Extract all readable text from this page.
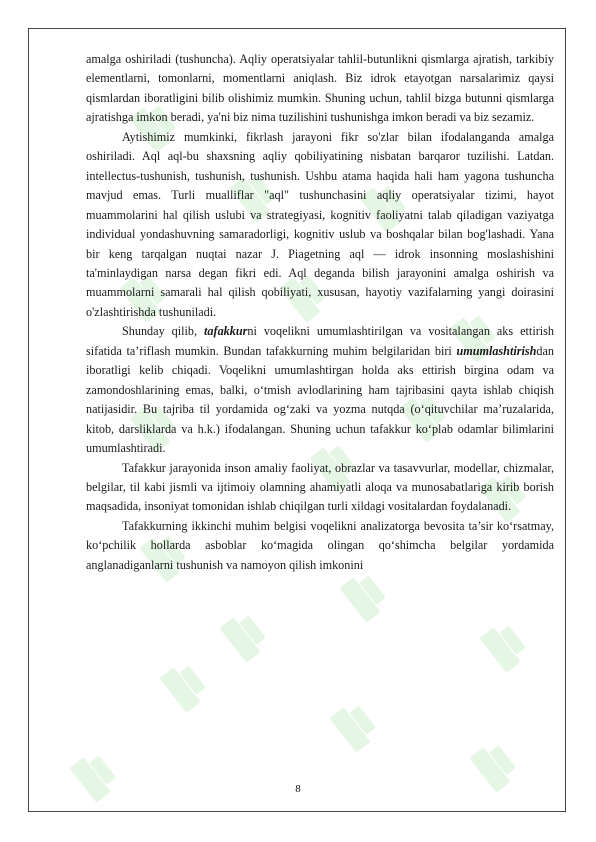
amalga oshiriladi (tushuncha). Aqliy operatsiyalar tahlil-butunlikni qismlarga ajratish, tarkibiy elementlarni, tomonlarni, momentlarni aniqlash. Biz idrok etayotgan narsalarimiz qaysi qismlardan iboratligini bilib olishimiz mumkin. Shuning uchun, tahlil bizga butunni qismlarga ajratishga imkon beradi, ya'ni biz nima tuzilishini tushunishga imkon beradi va biz sezamiz.

Aytishimiz mumkinki, fikrlash jarayoni fikr so'zlar bilan ifodalanganda amalga oshiriladi. Aql aql-bu shaxsning aqliy qobiliyatining nisbatan barqaror tuzilishi. Latdan. intellectus-tushunish, tushunish, tushunish. Ushbu atama haqida hali ham yagona tushuncha mavjud emas. Turli mualliflar "aql" tushunchasini aqliy operatsiyalar tizimi, hayot muammolarini hal qilish uslubi va strategiyasi, kognitiv faoliyatni talab qiladigan vaziyatga individual yondashuvning samaradorligi, kognitiv uslub va boshqalar bilan bog'lashadi. Yana bir keng tarqalgan nuqtai nazar J. Piagetning aql — idrok insonning moslashishini ta'minlaydigan narsa degan fikri edi. Aql deganda bilish jarayonini amalga oshirish va muammolarni samarali hal qilish qobiliyati, xususan, hayotiy vazifalarning yangi doirasini o'zlashtirishda tushuniladi.

Shunday qilib, tafakkurni voqelikni umumlashtirilgan va vositalangan aks ettirish sifatida ta’riflash mumkin. Bundan tafakkurning muhim belgilaridan biri umumlashtirishdan iboratligi kelib chiqadi. Voqelikni umumlashtirgan holda aks ettirish birgina odam va zamondoshlarining emas, balki, o‘tmish avlodlarining ham tajribasini qayta ishlab chiqish natijasidir. Bu tajriba til yordamida og‘zaki va yozma nutqda (o‘qituvchilar ma’ruzalarida, kitob, darsliklarda va h.k.) ifodalangan. Shuning uchun tafakkur ko‘plab odamlar bilimlarini umumlashtiradi.

Tafakkur jarayonida inson amaliy faoliyat, obrazlar va tasavvurlar, modellar, chizmalar, belgilar, til kabi jismli va ijtimoiy olamning ahamiyatli aloqa va munosabatlariga kirib borish maqsadida, insoniyat tomonidan ishlab chiqilgan turli xildagi vositalardan foydalanadi.

Tafakkurning ikkinchi muhim belgisi voqelikni analizatorga bevosita ta’sir ko‘rsatmay, ko‘pchilik hollarda asboblar ko‘magida olingan qo‘shimcha belgilar yordamida anglanadiganlarni tushunish va namoyon qilish imkonini

8
